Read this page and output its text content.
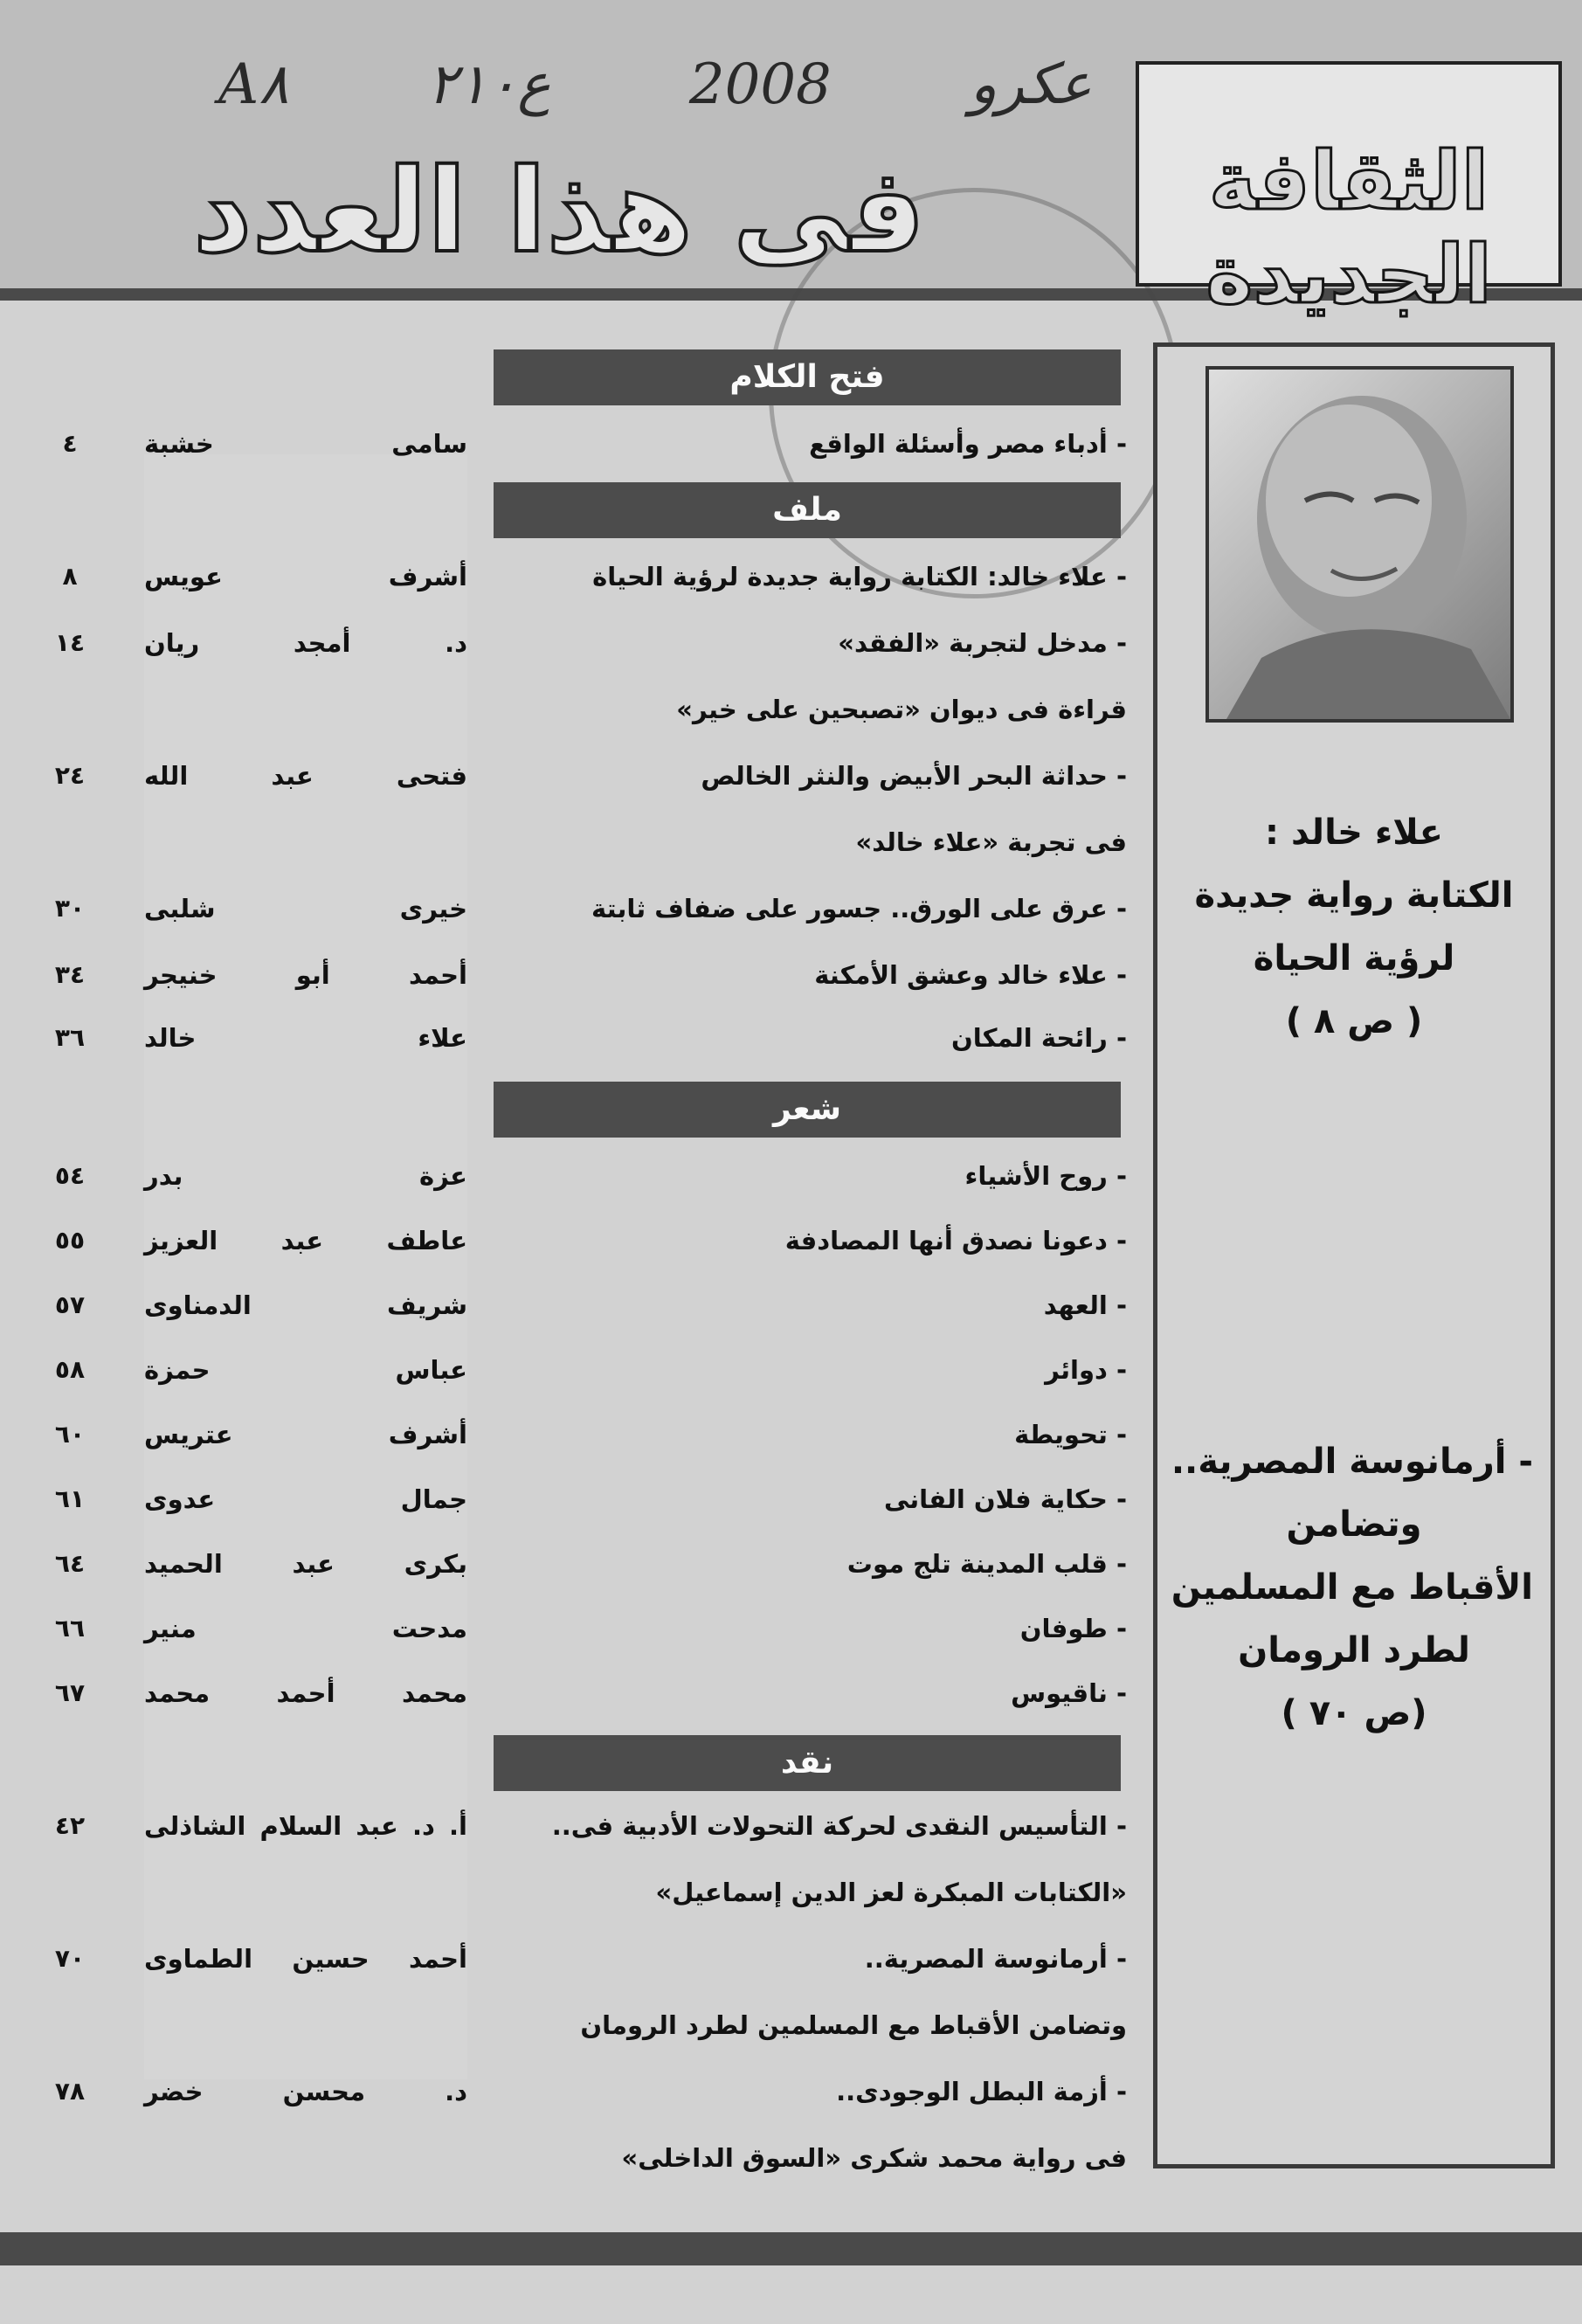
A۸ ۲۱۰ع 2008 عكرو
فى هذا العدد	الثقافة الجديدة
علاء خالد :
الكتابة رواية جديدة
لرؤية الحياة
( ص ٨ )
- أرمانوسة المصرية..
وتضامن
الأقباط مع المسلمين
لطرد الرومان
(ص ٧٠ )
فتح الكلام
- أدباء مصر وأسئلة الواقع
سامى خشبة
٤
ملف
- علاء خالد: الكتابة رواية جديدة لرؤية الحياة
أشرف عويس
٨
- مدخل لتجربة «الفقد»
د. أمجد ريان
١٤
قراءة فى ديوان «تصبحين على خير»
- حداثة البحر الأبيض والنثر الخالص
فتحى عبد الله
٢٤
فى تجربة «علاء خالد»
- عرق على الورق.. جسور على ضفاف ثابتة
خيرى شلبى
٣٠
- علاء خالد وعشق الأمكنة
أحمد أبو خنيجر
٣٤
- رائحة المكان
علاء خالد
٣٦
شعر
- روح الأشياء
عزة بدر
٥٤
- دعونا نصدق أنها المصادفة
عاطف عبد العزيز
٥٥
- العهد
شريف الدمناوى
٥٧
- دوائر
عباس حمزة
٥٨
- تحويطة
أشرف عتريس
٦٠
- حكاية فلان الفانى
جمال عدوى
٦١
- قلب المدينة تلج موت
بكرى عبد الحميد
٦٤
- طوفان
مدحت منير
٦٦
- ناقيوس
محمد أحمد محمد
٦٧
نقد
- التأسيس النقدى لحركة التحولات الأدبية فى..
أ. د. عبد السلام الشاذلى
٤٢
«الكتابات المبكرة لعز الدين إسماعيل»
- أرمانوسة المصرية..
أحمد حسين الطماوى
٧٠
وتضامن الأقباط مع المسلمين لطرد الرومان
- أزمة البطل الوجودى..
د. محسن خضر
٧٨
فى رواية محمد شكرى «السوق الداخلى»
